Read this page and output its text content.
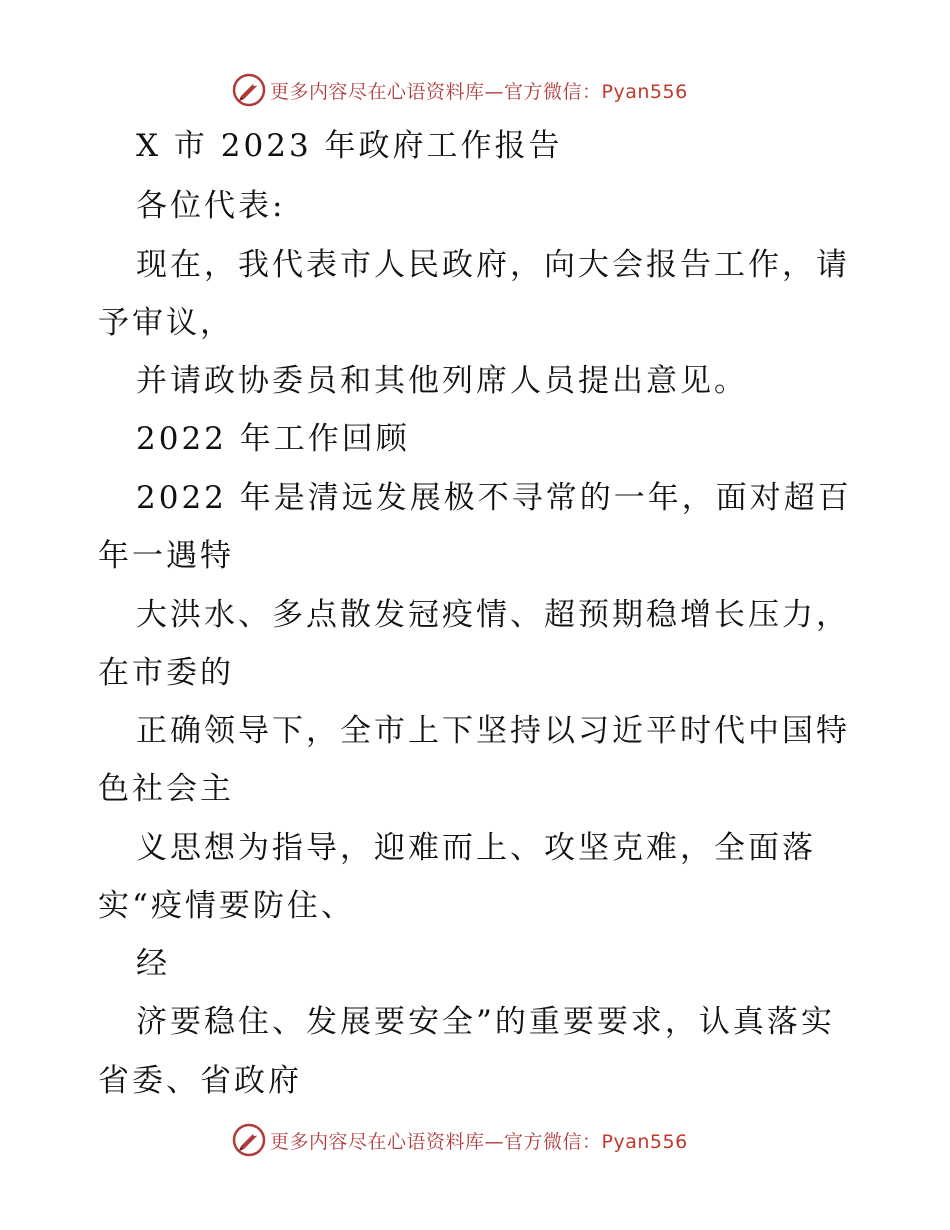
更多内容尽在心语资料库—官方微信：Pyan556
X 市 2023 年政府工作报告
各位代表:
现在，我代表市人民政府，向大会报告工作，请
予审议，
并请政协委员和其他列席人员提出意见。
2022 年工作回顾
2022 年是清远发展极不寻常的一年，面对超百
年一遇特
大洪水、多点散发冠疫情、超预期稳增长压力，
在市委的
正确领导下，全市上下坚持以习近平时代中国特
色社会主
义思想为指导，迎难而上、攻坚克难，全面落
实“疫情要防住、
经
济要稳住、发展要安全”的重要要求，认真落实
省委、省政府
更多内容尽在心语资料库—官方微信：Pyan556
